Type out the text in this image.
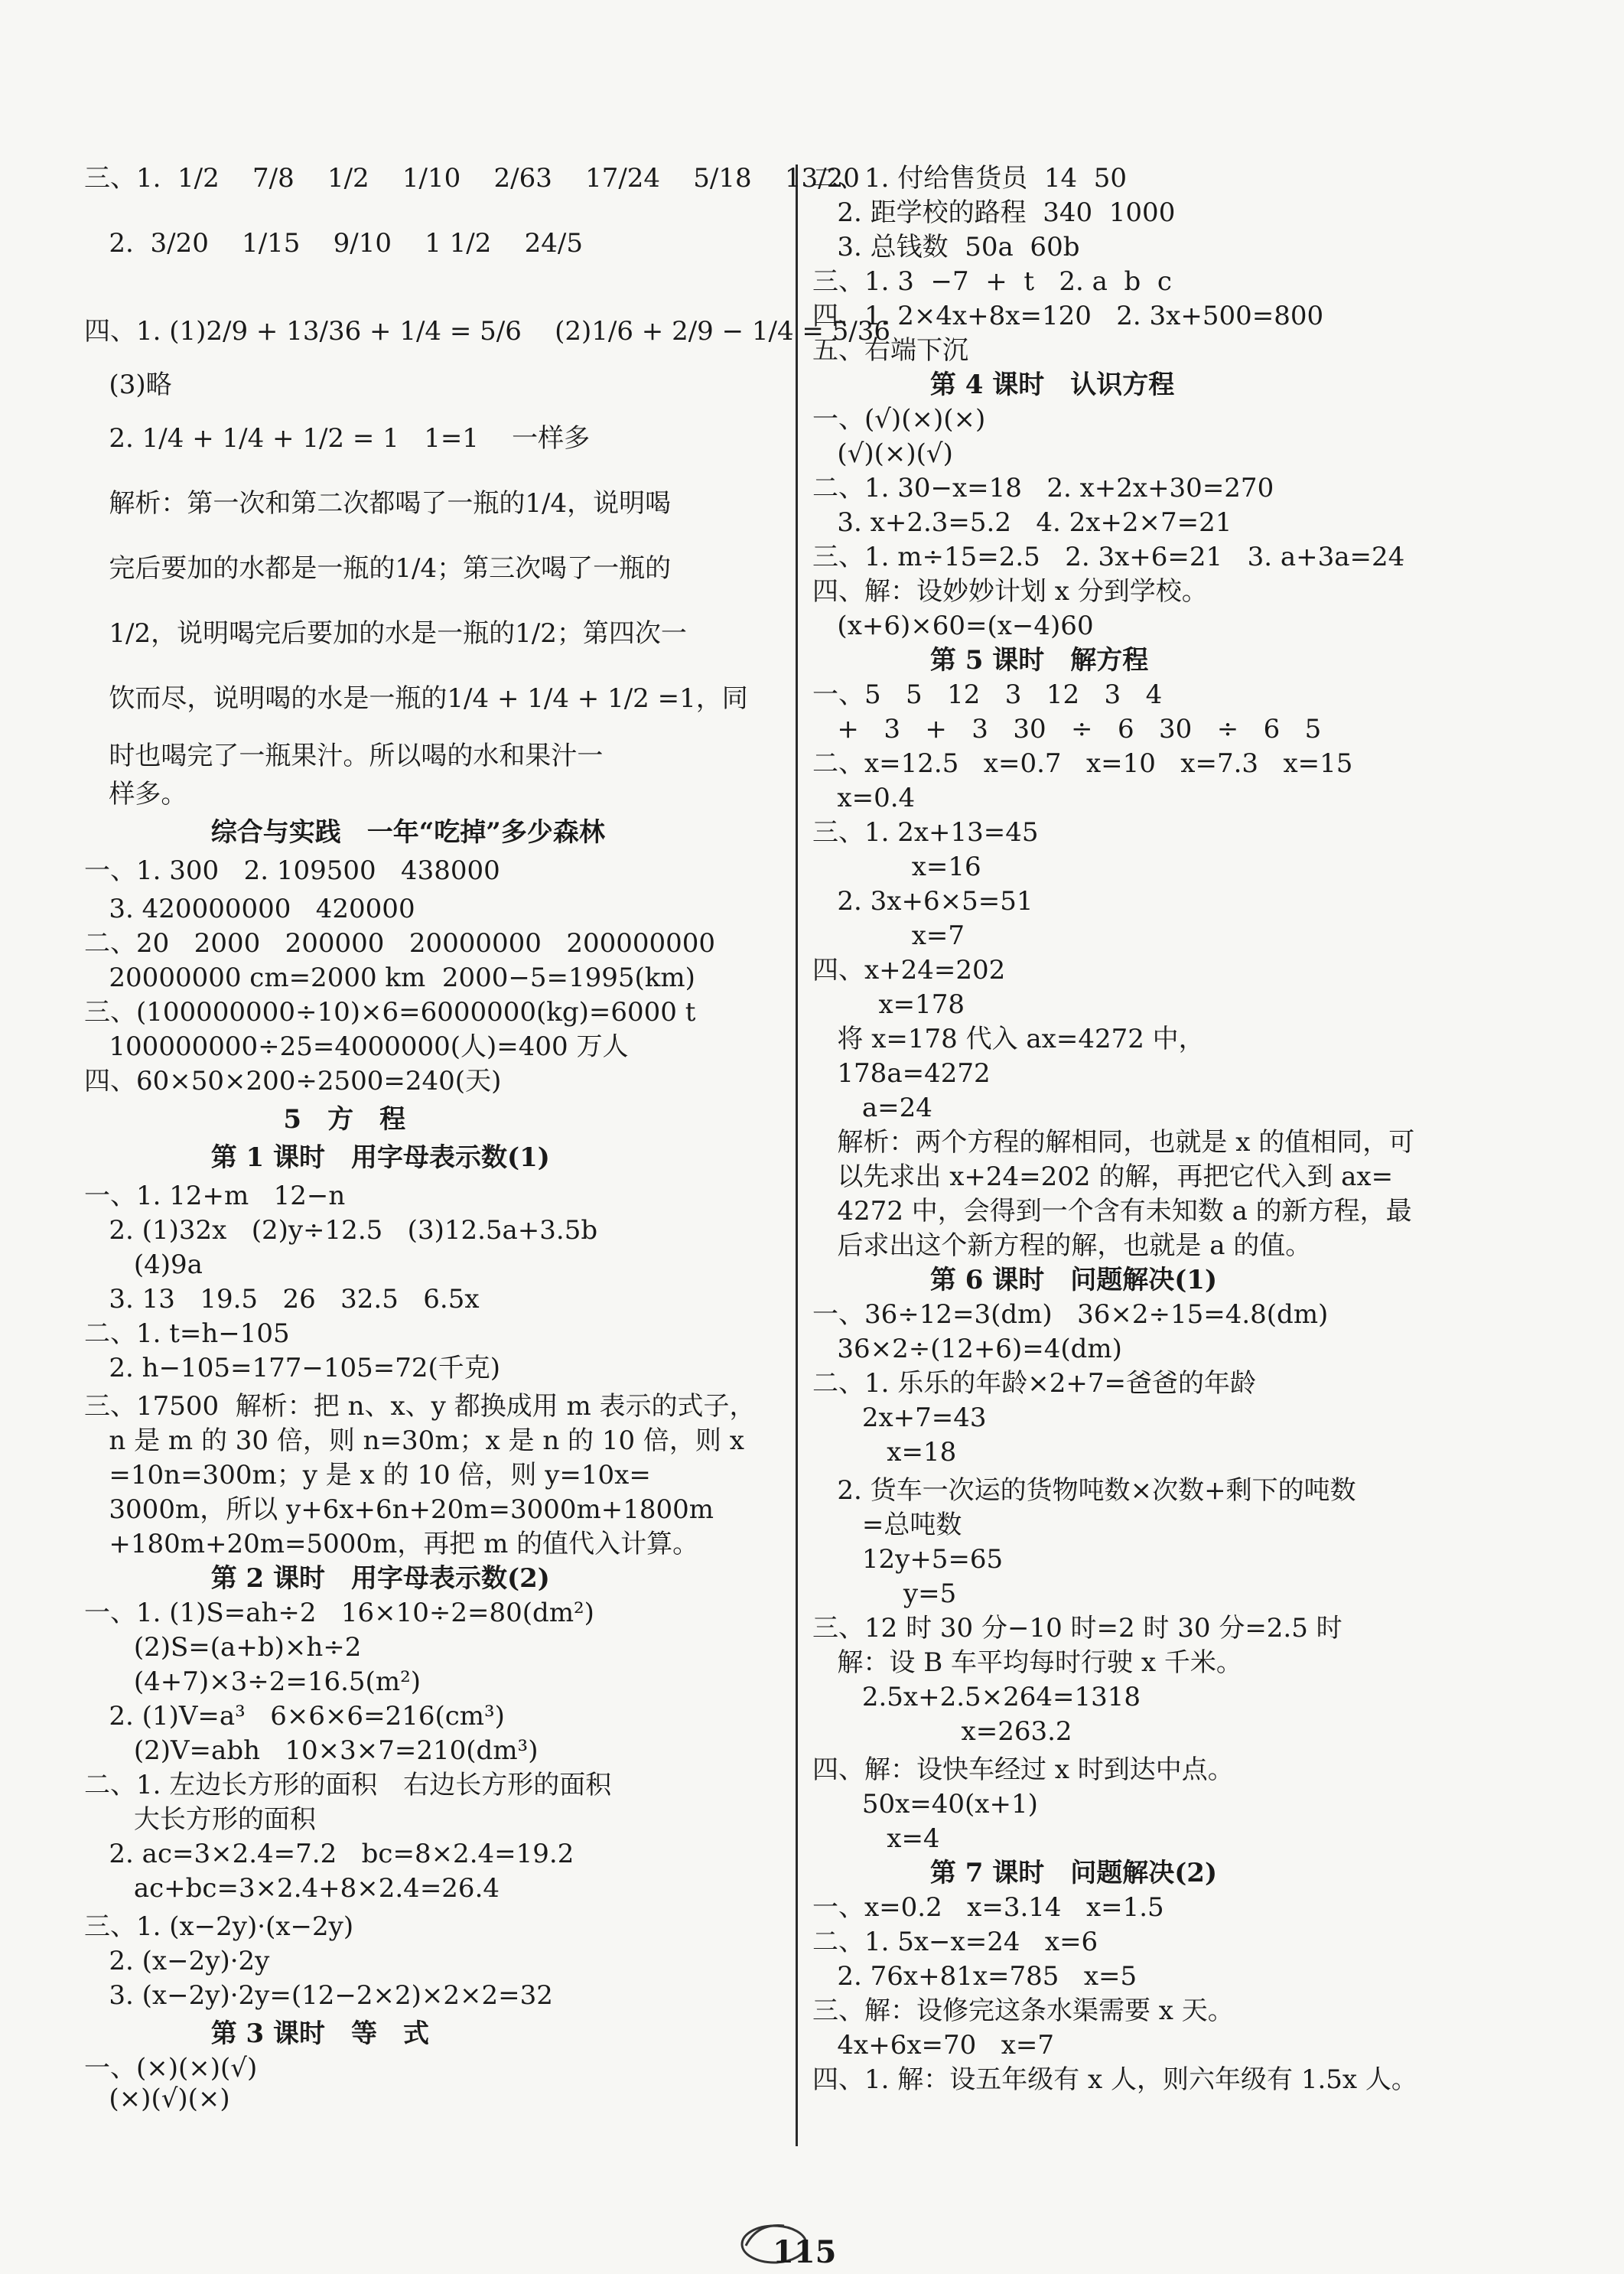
三、1.  1/2    7/8    1/2    1/10    2/63    17/24    5/18    13/20
2.  3/20    1/15    9/10    1 1/2    24/5
四、1. (1)2/9 + 13/36 + 1/4 = 5/6    (2)1/6 + 2/9 − 1/4 = 5/36
(3)略
2. 1/4 + 1/4 + 1/2 = 1   1=1    一样多
解析：第一次和第二次都喝了一瓶的1/4，说明喝
完后要加的水都是一瓶的1/4；第三次喝了一瓶的
1/2，说明喝完后要加的水是一瓶的1/2；第四次一
饮而尽，说明喝的水是一瓶的1/4 + 1/4 + 1/2 =1，同
时也喝完了一瓶果汁。所以喝的水和果汁一
样多。
综合与实践　一年“吃掉”多少森林
一、1. 300   2. 109500   438000
3. 420000000   420000
二、20   2000   200000   20000000   200000000
20000000 cm=2000 km  2000−5=1995(km)
三、(100000000÷10)×6=6000000(kg)=6000 t
100000000÷25=4000000(人)=400 万人
四、60×50×200÷2500=240(天)
5　方　程
第 1 课时　用字母表示数(1)
一、1. 12+m   12−n
2. (1)32x   (2)y÷12.5   (3)12.5a+3.5b
(4)9a
3. 13   19.5   26   32.5   6.5x
二、1. t=h−105
2. h−105=177−105=72(千克)
三、17500  解析：把 n、x、y 都换成用 m 表示的式子，
n 是 m 的 30 倍，则 n=30m；x 是 n 的 10 倍，则 x
=10n=300m；y 是 x 的 10 倍，则 y=10x=
3000m，所以 y+6x+6n+20m=3000m+1800m
+180m+20m=5000m，再把 m 的值代入计算。
第 2 课时　用字母表示数(2)
一、1. (1)S=ah÷2   16×10÷2=80(dm²)
(2)S=(a+b)×h÷2
(4+7)×3÷2=16.5(m²)
2. (1)V=a³   6×6×6=216(cm³)
(2)V=abh   10×3×7=210(dm³)
二、1. 左边长方形的面积　右边长方形的面积
大长方形的面积
2. ac=3×2.4=7.2   bc=8×2.4=19.2
ac+bc=3×2.4+8×2.4=26.4
三、1. (x−2y)·(x−2y)
2. (x−2y)·2y
3. (x−2y)·2y=(12−2×2)×2×2=32
第 3 课时　等　式
一、(×)(×)(√)
(×)(√)(×)
二、1. 付给售货员  14  50
2. 距学校的路程  340  1000
3. 总钱数  50a  60b
三、1. 3  −7  +  t   2. a  b  c
四、1. 2×4x+8x=120   2. 3x+500=800
五、右端下沉
第 4 课时　认识方程
一、(√)(×)(×)
(√)(×)(√)
二、1. 30−x=18   2. x+2x+30=270
3. x+2.3=5.2   4. 2x+2×7=21
三、1. m÷15=2.5   2. 3x+6=21   3. a+3a=24
四、解：设妙妙计划 x 分到学校。
(x+6)×60=(x−4)60
第 5 课时　解方程
一、5   5   12   3   12   3   4
+   3   +   3   30   ÷   6   30   ÷   6   5
二、x=12.5   x=0.7   x=10   x=7.3   x=15
x=0.4
三、1. 2x+13=45
x=16
2. 3x+6×5=51
x=7
四、x+24=202
x=178
将 x=178 代入 ax=4272 中，
178a=4272
a=24
解析：两个方程的解相同，也就是 x 的值相同，可
以先求出 x+24=202 的解，再把它代入到 ax=
4272 中，会得到一个含有未知数 a 的新方程，最
后求出这个新方程的解，也就是 a 的值。
第 6 课时　问题解决(1)
一、36÷12=3(dm)   36×2÷15=4.8(dm)
36×2÷(12+6)=4(dm)
二、1. 乐乐的年龄×2+7=爸爸的年龄
2x+7=43
x=18
2. 货车一次运的货物吨数×次数+剩下的吨数
=总吨数
12y+5=65
y=5
三、12 时 30 分−10 时=2 时 30 分=2.5 时
解：设 B 车平均每时行驶 x 千米。
2.5x+2.5×264=1318
x=263.2
四、解：设快车经过 x 时到达中点。
50x=40(x+1)
x=4
第 7 课时　问题解决(2)
一、x=0.2   x=3.14   x=1.5
二、1. 5x−x=24   x=6
2. 76x+81x=785   x=5
三、解：设修完这条水渠需要 x 天。
4x+6x=70   x=7
四、1. 解：设五年级有 x 人，则六年级有 1.5x 人。
115
